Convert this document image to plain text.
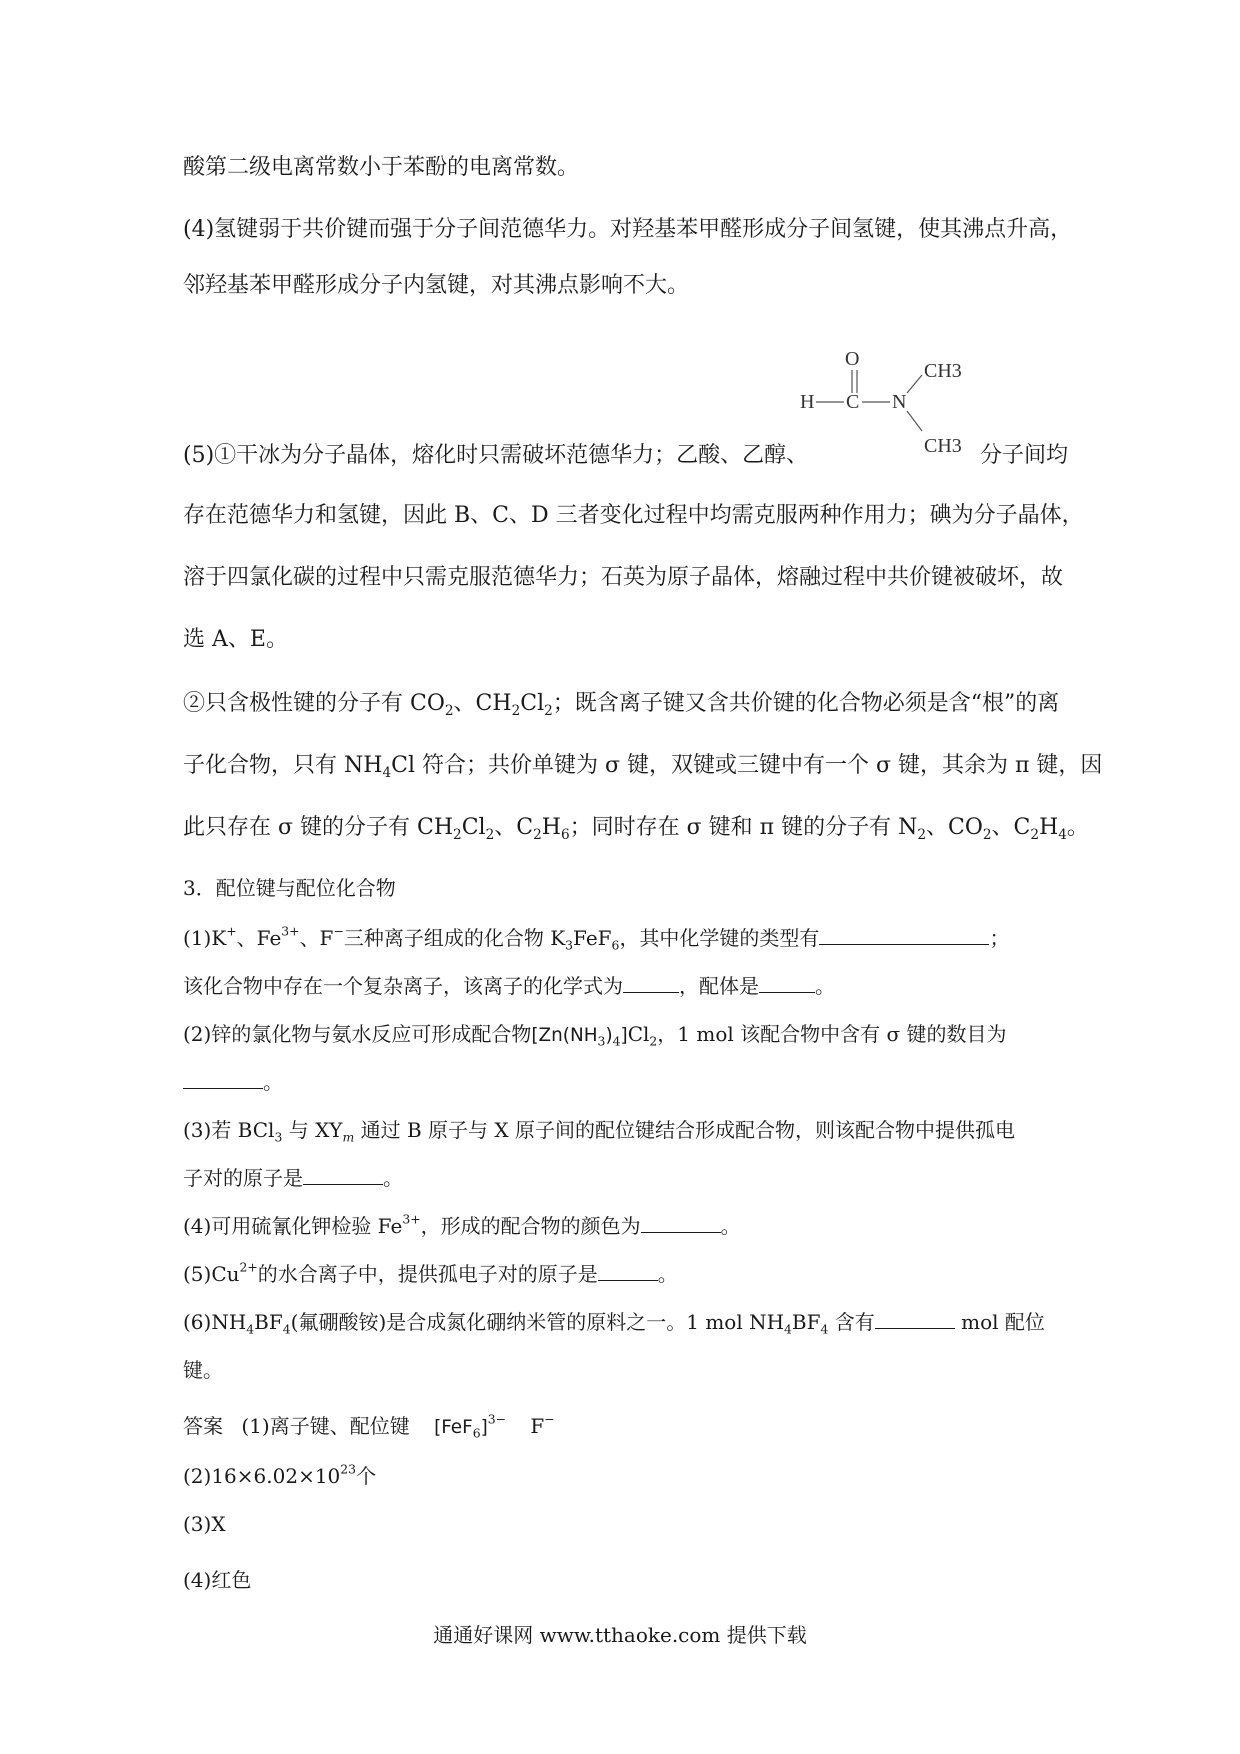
酸第二级电离常数小于苯酚的电离常数。
(4)氢键弱于共价键而强于分子间范德华力。对羟基苯甲醛形成分子间氢键，使其沸点升高，
邻羟基苯甲醛形成分子内氢键，对其沸点影响不大。
O
H C N
CH3
CH3
(5)①干冰为分子晶体，熔化时只需破坏范德华力；乙酸、乙醇、	分子间均
存在范德华力和氢键，因此 B、C、D 三者变化过程中均需克服两种作用力；碘为分子晶体，
溶于四氯化碳的过程中只需克服范德华力；石英为原子晶体，熔融过程中共价键被破坏，故
选 A、E。
②只含极性键的分子有 $CO_2$、$CH_2Cl_2$；既含离子键又含共价键的化合物必须是含“根”的离
子化合物，只有 $NH_4Cl$ 符合；共价单键为 σ 键，双键或三键中有一个 σ 键，其余为 π 键，因
此只存在 σ 键的分子有 $CH_2Cl_2$、$C_2H_6$；同时存在 σ 键和 π 键的分子有 $N_2$、$CO_2$、$C_2H_4$。
3．配位键与配位化合物
(1)K+、$Fe^{3+}$、F−三种离子组成的化合物 $K_3FeF_6$，其中化学键的类型有	；
该化合物中存在一个复杂离子，该离子的化学式为	，配体是	。
(2)锌的氯化物与氨水反应可形成配合物$[Zn(NH_3)_4]Cl_2$，1 mol 该配合物中含有 σ 键的数目为
。
(3)若 BCl$_3$ 与 $XY_m$ 通过 B 原子与 X 原子间的配位键结合形成配合物，则该配合物中提供孤电
子对的原子是	。
(4)可用硫氰化钾检验 $Fe^{3+}$，形成的配合物的颜色为	。
$(5)Cu^{2+}$的水合离子中，提供孤电子对的原子是	。
$(6)NH_4BF_4$(氟硼酸铵)是合成氮化硼纳米管的原料之一。1 mol $NH_4BF_4$ 含有	mol 配位
键。
答案 (1)离子键、配位键 $[FeF_6]^{3-}$ F−
$(2)16\times 6.02\times 10^{23}$个
(3)X
(4)红色
通通好课网 www.tthaoke.com 提供下载
